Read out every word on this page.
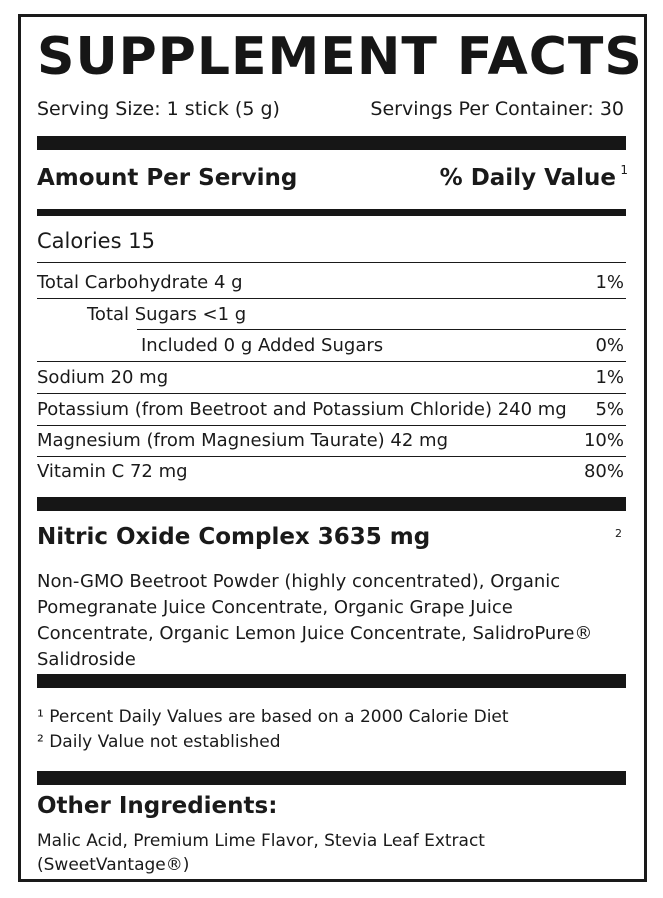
SUPPLEMENT FACTS
Serving Size: 1 stick (5 g)	Servings Per Container: 30
Amount Per Serving	% Daily Value 1
Calories 15
Total Carbohydrate 4 g	1%
Total Sugars <1 g
Included 0 g Added Sugars	0%
Sodium 20 mg	1%
Potassium (from Beetroot and Potassium Chloride) 240 mg 5%
Magnesium (from Magnesium Taurate) 42 mg	10%
Vitamin C 72 mg	80%
Nitric Oxide Complex 3635 mg	2
Non-GMO Beetroot Powder (highly concentrated), Organic Pomegranate Juice Concentrate, Organic Grape Juice Concentrate, Organic Lemon Juice Concentrate, SalidroPure® Salidroside
¹ Percent Daily Values are based on a 2000 Calorie Diet
² Daily Value not established
Other Ingredients:
Malic Acid, Premium Lime Flavor, Stevia Leaf Extract (SweetVantage®)
